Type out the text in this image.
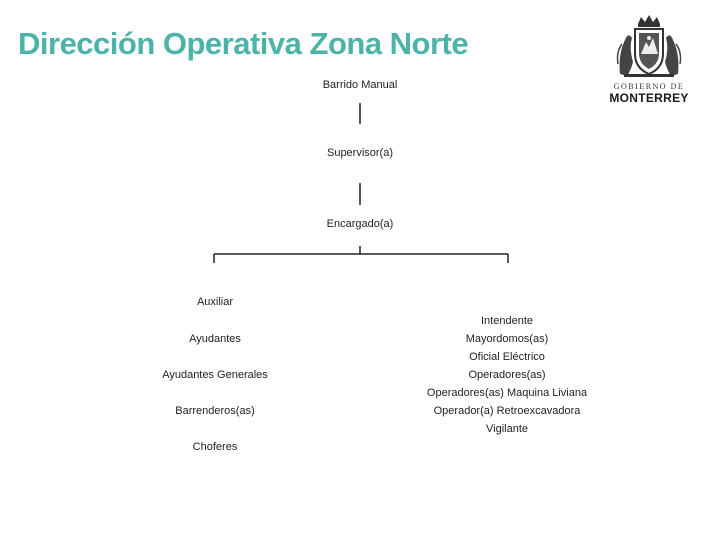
Dirección Operativa Zona Norte
GOBIERNO DE
MONTERREY
Barrido Manual
Supervisor(a)
Encargado(a)
Auxiliar
Ayudantes
Ayudantes Generales
Barrenderos(as)
Choferes
Intendente
Mayordomos(as)
Oficial Eléctrico
Operadores(as)
Operadores(as) Maquina Liviana
Operador(a) Retroexcavadora
Vigilante
